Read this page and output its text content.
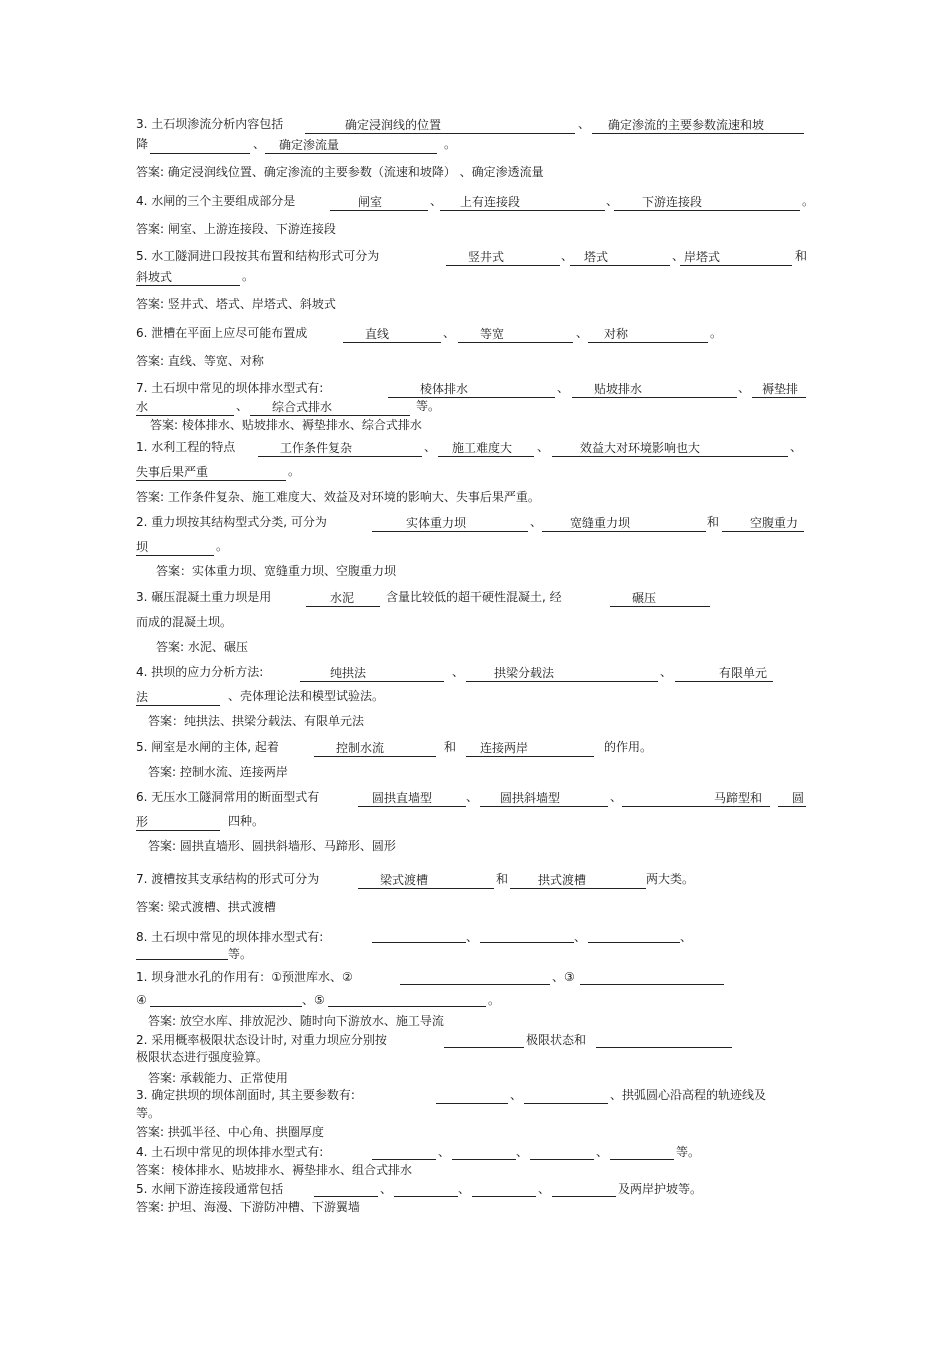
3. 土石坝渗流分析内容包括	确定浸润线的位置	、 确定渗流的主要参数流速和坡
降	、 确定渗流量	。
答案: 确定浸润线位置、确定渗流的主要参数（流速和坡降） 、确定渗透流量
4. 水闸的三个主要组成部分是	闸室	、 上有连接段	、 下游连接段	。
答案: 闸室、上游连接段、下游连接段
5. 水工隧洞进口段按其布置和结构形式可分为	竖井式	、 塔式	、 岸塔式	和
斜坡式	。
答案: 竖井式、塔式、岸塔式、斜坡式
6. 泄槽在平面上应尽可能布置成	直线	、 等宽	、 对称	。
答案: 直线、等宽、对称
7. 土石坝中常见的坝体排水型式有:	棱体排水	、 贴坡排水	、 褥垫排
水	、 综合式排水	等。
答案: 棱体排水、贴坡排水、褥垫排水、综合式排水
1. 水利工程的特点	工作条件复杂	、 施工难度大 、	效益大对环境影响也大	、
失事后果严重	。
答案: 工作条件复杂、施工难度大、效益及对环境的影响大、失事后果严重。
2. 重力坝按其结构型式分类, 可分为	实体重力坝	、 宽缝重力坝	和	空腹重力
坝	。
答案：实体重力坝、宽缝重力坝、空腹重力坝
3. 碾压混凝土重力坝是用	水泥	含量比较低的超干硬性混凝土, 经	碾压
而成的混凝土坝。
答案: 水泥、碾压
4. 拱坝的应力分析方法:	纯拱法	、 拱梁分载法	、	有限单元
法	、壳体理论法和模型试验法。
答案：纯拱法、拱梁分载法、有限单元法
5. 闸室是水闸的主体, 起着	控制水流	和 连接两岸	的作用。
答案: 控制水流、连接两岸
6. 无压水工隧洞常用的断面型式有	圆拱直墙型	、 圆拱斜墙型	、	马蹄型和 圆
形	四种。
答案: 圆拱直墙形、圆拱斜墙形、马蹄形、圆形
7. 渡槽按其支承结构的形式可分为	梁式渡槽	和 拱式渡槽	两大类。
答案: 梁式渡槽、拱式渡槽
8. 土石坝中常见的坝体排水型式有:	、	、	、
等。
1. 坝身泄水孔的作用有：①预泄库水、②	、③
④	、⑤	。
答案: 放空水库、排放泥沙、随时向下游放水、施工导流
2. 采用概率极限状态设计时, 对重力坝应分别按	极限状态和
极限状态进行强度验算。
答案: 承载能力、正常使用
3. 确定拱坝的坝体剖面时, 其主要参数有:	、	、拱弧圆心沿高程的轨迹线及
等。
答案: 拱弧半径、中心角、拱圈厚度
4. 土石坝中常见的坝体排水型式有:	、	、	、	等。
答案：棱体排水、贴坡排水、褥垫排水、组合式排水
5. 水闸下游连接段通常包括	、	、	、	及两岸护坡等。
答案: 护坦、海漫、下游防冲槽、下游翼墙
